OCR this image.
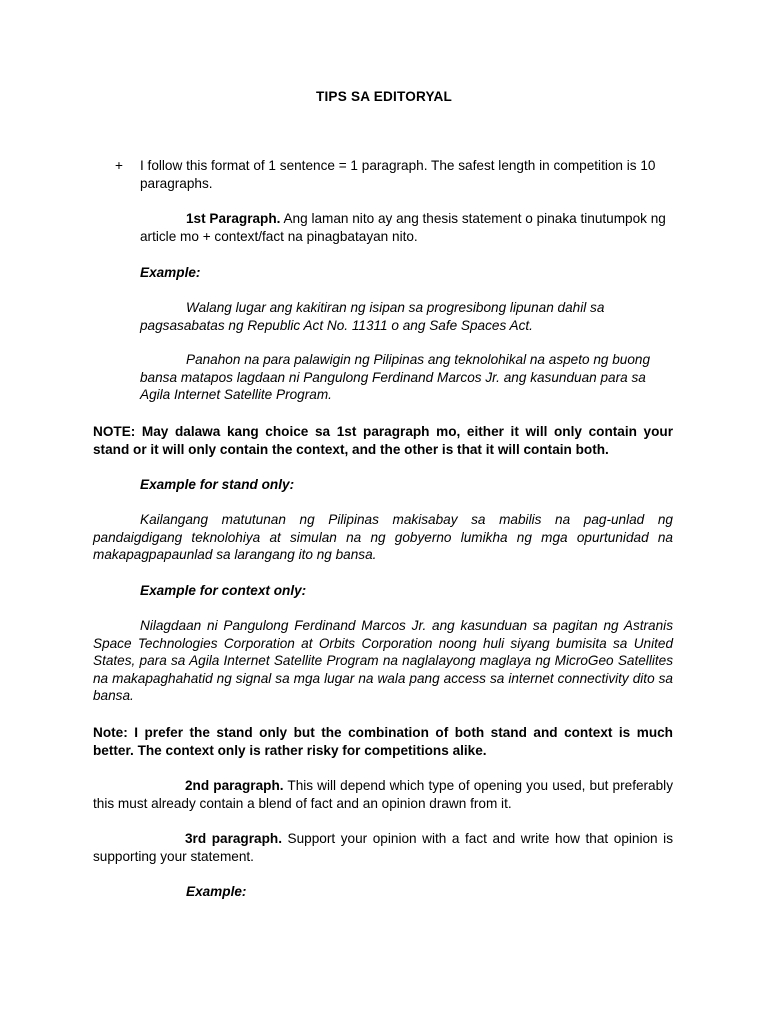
TIPS SA EDITORYAL
+ I follow this format of 1 sentence = 1 paragraph. The safest length in competition is 10 paragraphs.

1st Paragraph. Ang laman nito ay ang thesis statement o pinaka tinutumpok ng article mo + context/fact na pinagbatayan nito.

Example:

Walang lugar ang kakitiran ng isipan sa progresibong lipunan dahil sa pagsasabatas ng Republic Act No. 11311 o ang Safe Spaces Act.

Panahon na para palawigin ng Pilipinas ang teknolohikal na aspeto ng buong bansa matapos lagdaan ni Pangulong Ferdinand Marcos Jr. ang kasunduan para sa Agila Internet Satellite Program.

NOTE: May dalawa kang choice sa 1st paragraph mo, either it will only contain your stand or it will only contain the context, and the other is that it will contain both.

Example for stand only:

Kailangang matutunan ng Pilipinas makisabay sa mabilis na pag-unlad ng pandaigdigang teknolohiya at simulan na ng gobyerno lumikha ng mga opurtunidad na makapagpapaunlad sa larangang ito ng bansa.

Example for context only:

Nilagdaan ni Pangulong Ferdinand Marcos Jr. ang kasunduan sa pagitan ng Astranis Space Technologies Corporation at Orbits Corporation noong huli siyang bumisita sa United States, para sa Agila Internet Satellite Program na naglalayong maglaya ng MicroGeo Satellites na makapaghahatid ng signal sa mga lugar na wala pang access sa internet connectivity dito sa bansa.

Note: I prefer the stand only but the combination of both stand and context is much better. The context only is rather risky for competitions alike.

2nd paragraph. This will depend which type of opening you used, but preferably this must already contain a blend of fact and an opinion drawn from it.

3rd paragraph. Support your opinion with a fact and write how that opinion is supporting your statement.

Example:
